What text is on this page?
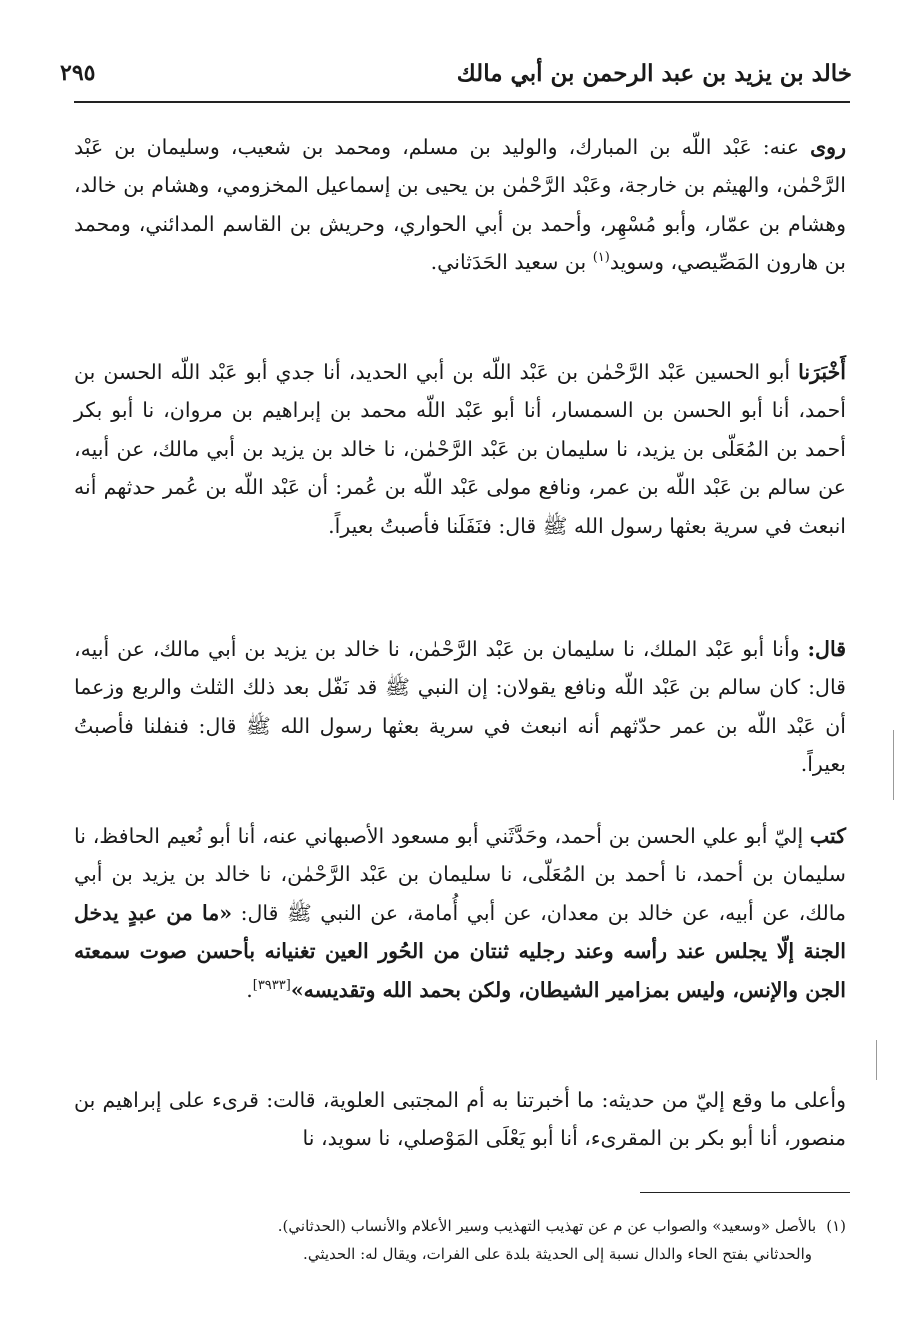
خالد بن يزيد بن عبد الرحمن بن أبي مالك
٢٩٥
روى عنه: عَبْد اللّه بن المبارك، والوليد بن مسلم، ومحمد بن شعيب، وسليمان بن عَبْد الرَّحْمٰن، والهيثم بن خارجة، وعَبْد الرَّحْمٰن بن يحيى بن إسماعيل المخزومي، وهشام بن خالد، وهشام بن عمّار، وأبو مُسْهِر، وأحمد بن أبي الحواري، وحريش بن القاسم المدائني، ومحمد بن هارون المَصِّيصي، وسويد$^{(١)}$ بن سعيد الحَدَثاني.
أَخْبَرَنا أبو الحسين عَبْد الرَّحْمٰن بن عَبْد اللّه بن أبي الحديد، أنا جدي أبو عَبْد اللّه الحسن بن أحمد، أنا أبو الحسن بن السمسار، أنا أبو عَبْد اللّه محمد بن إبراهيم بن مروان، نا أبو بكر أحمد بن المُعَلّى بن يزيد، نا سليمان بن عَبْد الرَّحْمٰن، نا خالد بن يزيد بن أبي مالك، عن أبيه، عن سالم بن عَبْد اللّه بن عمر، ونافع مولى عَبْد اللّه بن عُمر: أن عَبْد اللّه بن عُمر حدثهم أنه انبعث في سرية بعثها رسول الله ﷺ قال: فنَفَلَنا فأصبتُ بعيراً.
قال: وأنا أبو عَبْد الملك، نا سليمان بن عَبْد الرَّحْمٰن، نا خالد بن يزيد بن أبي مالك، عن أبيه، قال: كان سالم بن عَبْد اللّه ونافع يقولان: إن النبي ﷺ قد نَفّل بعد ذلك الثلث والربع وزعما أن عَبْد اللّه بن عمر حدّثهم أنه انبعث في سرية بعثها رسول الله ﷺ قال: فنفلنا فأصبتُ بعيراً.
كتب إليّ أبو علي الحسن بن أحمد، وحَدَّثَني أبو مسعود الأصبهاني عنه، أنا أبو نُعيم الحافظ، نا سليمان بن أحمد، نا أحمد بن المُعَلّى، نا سليمان بن عَبْد الرَّحْمٰن، نا خالد بن يزيد بن أبي مالك، عن أبيه، عن خالد بن معدان، عن أبي أُمامة، عن النبي ﷺ قال: «ما من عبدٍ يدخل الجنة إلّا يجلس عند رأسه وعند رجليه ثنتان من الحُور العين تغنيانه بأحسن صوت سمعته الجن والإنس، وليس بمزامير الشيطان، ولكن بحمد الله وتقديسه»[٣٩٣٣].
وأعلى ما وقع إليّ من حديثه: ما أخبرتنا به أم المجتبى العلوية، قالت: قرىء على إبراهيم بن منصور، أنا أبو بكر بن المقرىء، أنا أبو يَعْلَى المَوْصلي، نا سويد، نا
(١)بالأصل «وسعيد» والصواب عن م عن تهذيب التهذيب وسير الأعلام والأنساب (الحدثاني).
والحدثاني بفتح الحاء والدال نسبة إلى الحديثة بلدة على الفرات، ويقال له: الحديثي.
